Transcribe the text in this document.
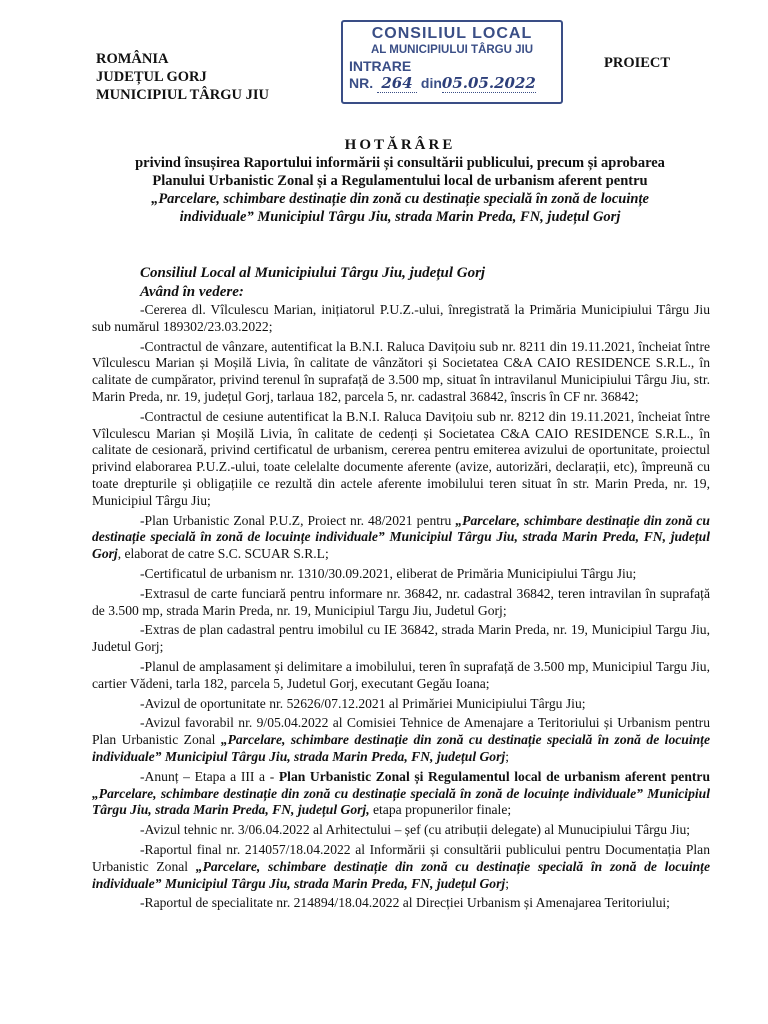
ROMÂNIA
JUDEȚUL GORJ
MUNICIPIUL TÂRGU JIU
CONSILIUL LOCAL
AL MUNICIPIULUI TÂRGU JIU
INTRARE
NR. 264 din05.05.2022
PROIECT
HOTĂRÂRE
privind însușirea Raportului informării și consultării publicului, precum și aprobarea
Planului Urbanistic Zonal și a Regulamentului local de urbanism aferent pentru
„Parcelare, schimbare destinație din zonă cu destinație specială în zonă de locuințe
individuale” Municipiul Târgu Jiu, strada Marin Preda, FN, județul Gorj
Consiliul Local al Municipiului Târgu Jiu, județul Gorj
Având în vedere:

-Cererea dl. Vîlculescu Marian, inițiatorul P.U.Z.-ului, înregistrată la Primăria Municipiului Târgu Jiu sub numărul 189302/23.03.2022;

-Contractul de vânzare, autentificat la B.N.I. Raluca Davițoiu sub nr. 8211 din 19.11.2021, încheiat între Vîlculescu Marian și Moșilă Livia, în calitate de vânzători și Societatea C&A CAIO RESIDENCE S.R.L., în calitate de cumpărator, privind terenul în suprafață de 3.500 mp, situat în intravilanul Municipiului Târgu Jiu, str. Marin Preda, nr. 19, județul Gorj, tarlaua 182, parcela 5, nr. cadastral 36842, înscris în CF nr. 36842;

-Contractul de cesiune autentificat la B.N.I. Raluca Davițoiu sub nr. 8212 din 19.11.2021, încheiat între Vîlculescu Marian și Moșilă Livia, în calitate de cedenți și Societatea C&A CAIO RESIDENCE S.R.L., în calitate de cesionară, privind certificatul de urbanism, cererea pentru emiterea avizului de oportunitate, proiectul privind elaborarea P.U.Z.-ului, toate celelalte documente aferente (avize, autorizări, declarații, etc), împreună cu toate drepturile și obligațiile ce rezultă din actele aferente imobilului teren situat în str. Marin Preda, nr. 19, Municipiul Târgu Jiu;

-Plan Urbanistic Zonal P.U.Z, Proiect nr. 48/2021 pentru „Parcelare, schimbare destinație din zonă cu destinație specială în zonă de locuințe individuale” Municipiul Târgu Jiu, strada Marin Preda, FN, județul Gorj, elaborat de catre S.C. SCUAR S.R.L;

-Certificatul de urbanism nr. 1310/30.09.2021, eliberat de Primăria Municipiului Târgu Jiu;

-Extrasul de carte funciară pentru informare nr. 36842, nr. cadastral 36842, teren intravilan în suprafață de 3.500 mp, strada Marin Preda, nr. 19, Municipiul Targu Jiu, Judetul Gorj;

-Extras de plan cadastral pentru imobilul cu IE 36842, strada Marin Preda, nr. 19, Municipiul Targu Jiu, Judetul Gorj;

-Planul de amplasament și delimitare a imobilului, teren în suprafață de 3.500 mp, Municipiul Targu Jiu, cartier Vădeni, tarla 182, parcela 5, Judetul Gorj, executant Gegău Ioana;

-Avizul de oportunitate nr. 52626/07.12.2021 al Primăriei Municipiului Târgu Jiu;

-Avizul favorabil nr. 9/05.04.2022 al Comisiei Tehnice de Amenajare a Teritoriului și Urbanism pentru Plan Urbanistic Zonal „Parcelare, schimbare destinație din zonă cu destinație specială în zonă de locuințe individuale” Municipiul Târgu Jiu, strada Marin Preda, FN, județul Gorj;

-Anunț – Etapa a III a - Plan Urbanistic Zonal și Regulamentul local de urbanism aferent pentru „Parcelare, schimbare destinație din zonă cu destinație specială în zonă de locuințe individuale” Municipiul Târgu Jiu, strada Marin Preda, FN, județul Gorj, etapa propunerilor finale;

-Avizul tehnic nr. 3/06.04.2022 al Arhitectului – șef (cu atribuții delegate) al Munucipiului Târgu Jiu;

-Raportul final nr. 214057/18.04.2022 al Informării și consultării publicului pentru Documentația Plan Urbanistic Zonal „Parcelare, schimbare destinație din zonă cu destinație specială în zonă de locuințe individuale” Municipiul Târgu Jiu, strada Marin Preda, FN, județul Gorj;

-Raportul de specialitate nr. 214894/18.04.2022 al Direcției Urbanism și Amenajarea Teritoriului;
